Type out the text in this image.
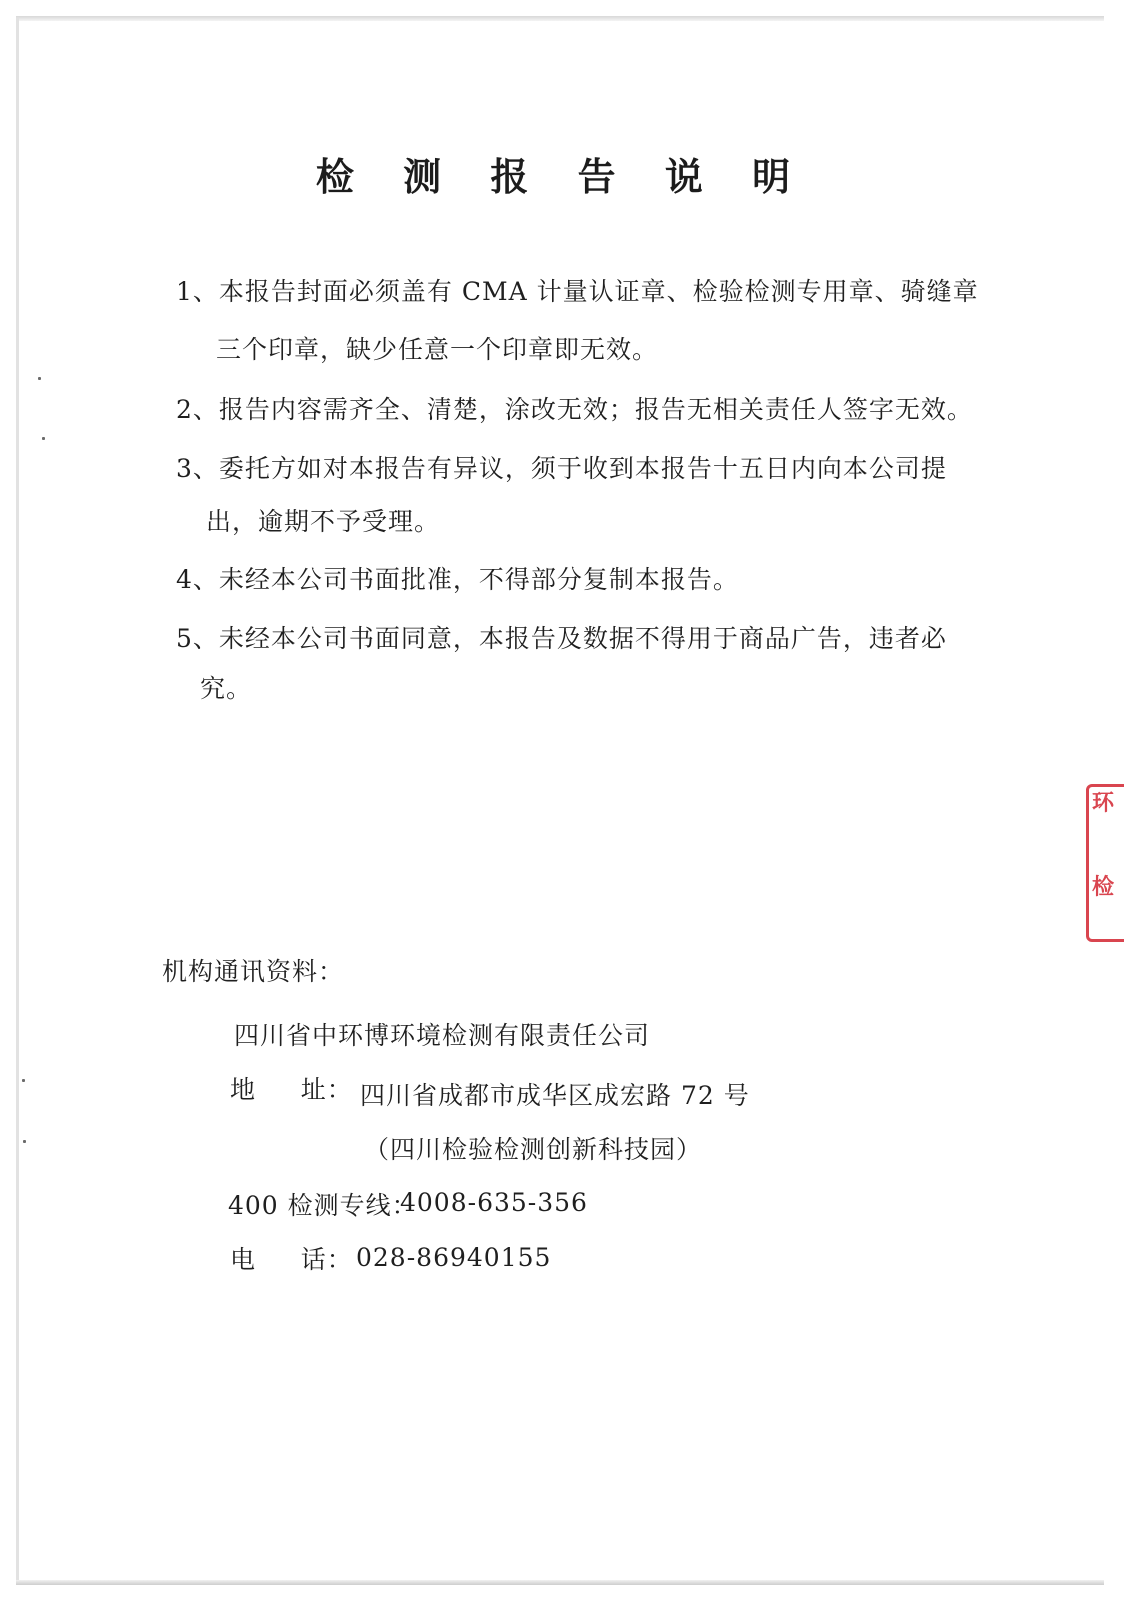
检 测 报 告 说 明
1、本报告封面必须盖有 CMA 计量认证章、检验检测专用章、骑缝章
三个印章，缺少任意一个印章即无效。
2、报告内容需齐全、清楚，涂改无效；报告无相关责任人签字无效。
3、委托方如对本报告有异议，须于收到本报告十五日内向本公司提
出，逾期不予受理。
4、未经本公司书面批准，不得部分复制本报告。
5、未经本公司书面同意，本报告及数据不得用于商品广告，违者必
究。
机构通讯资料：
四川省中环博环境检测有限责任公司
地     址： 四川省成都市成华区成宏路 72 号
（四川检验检测创新科技园）
400 检测专线：
4008-635-356
电     话： 028-86940155
环
检
